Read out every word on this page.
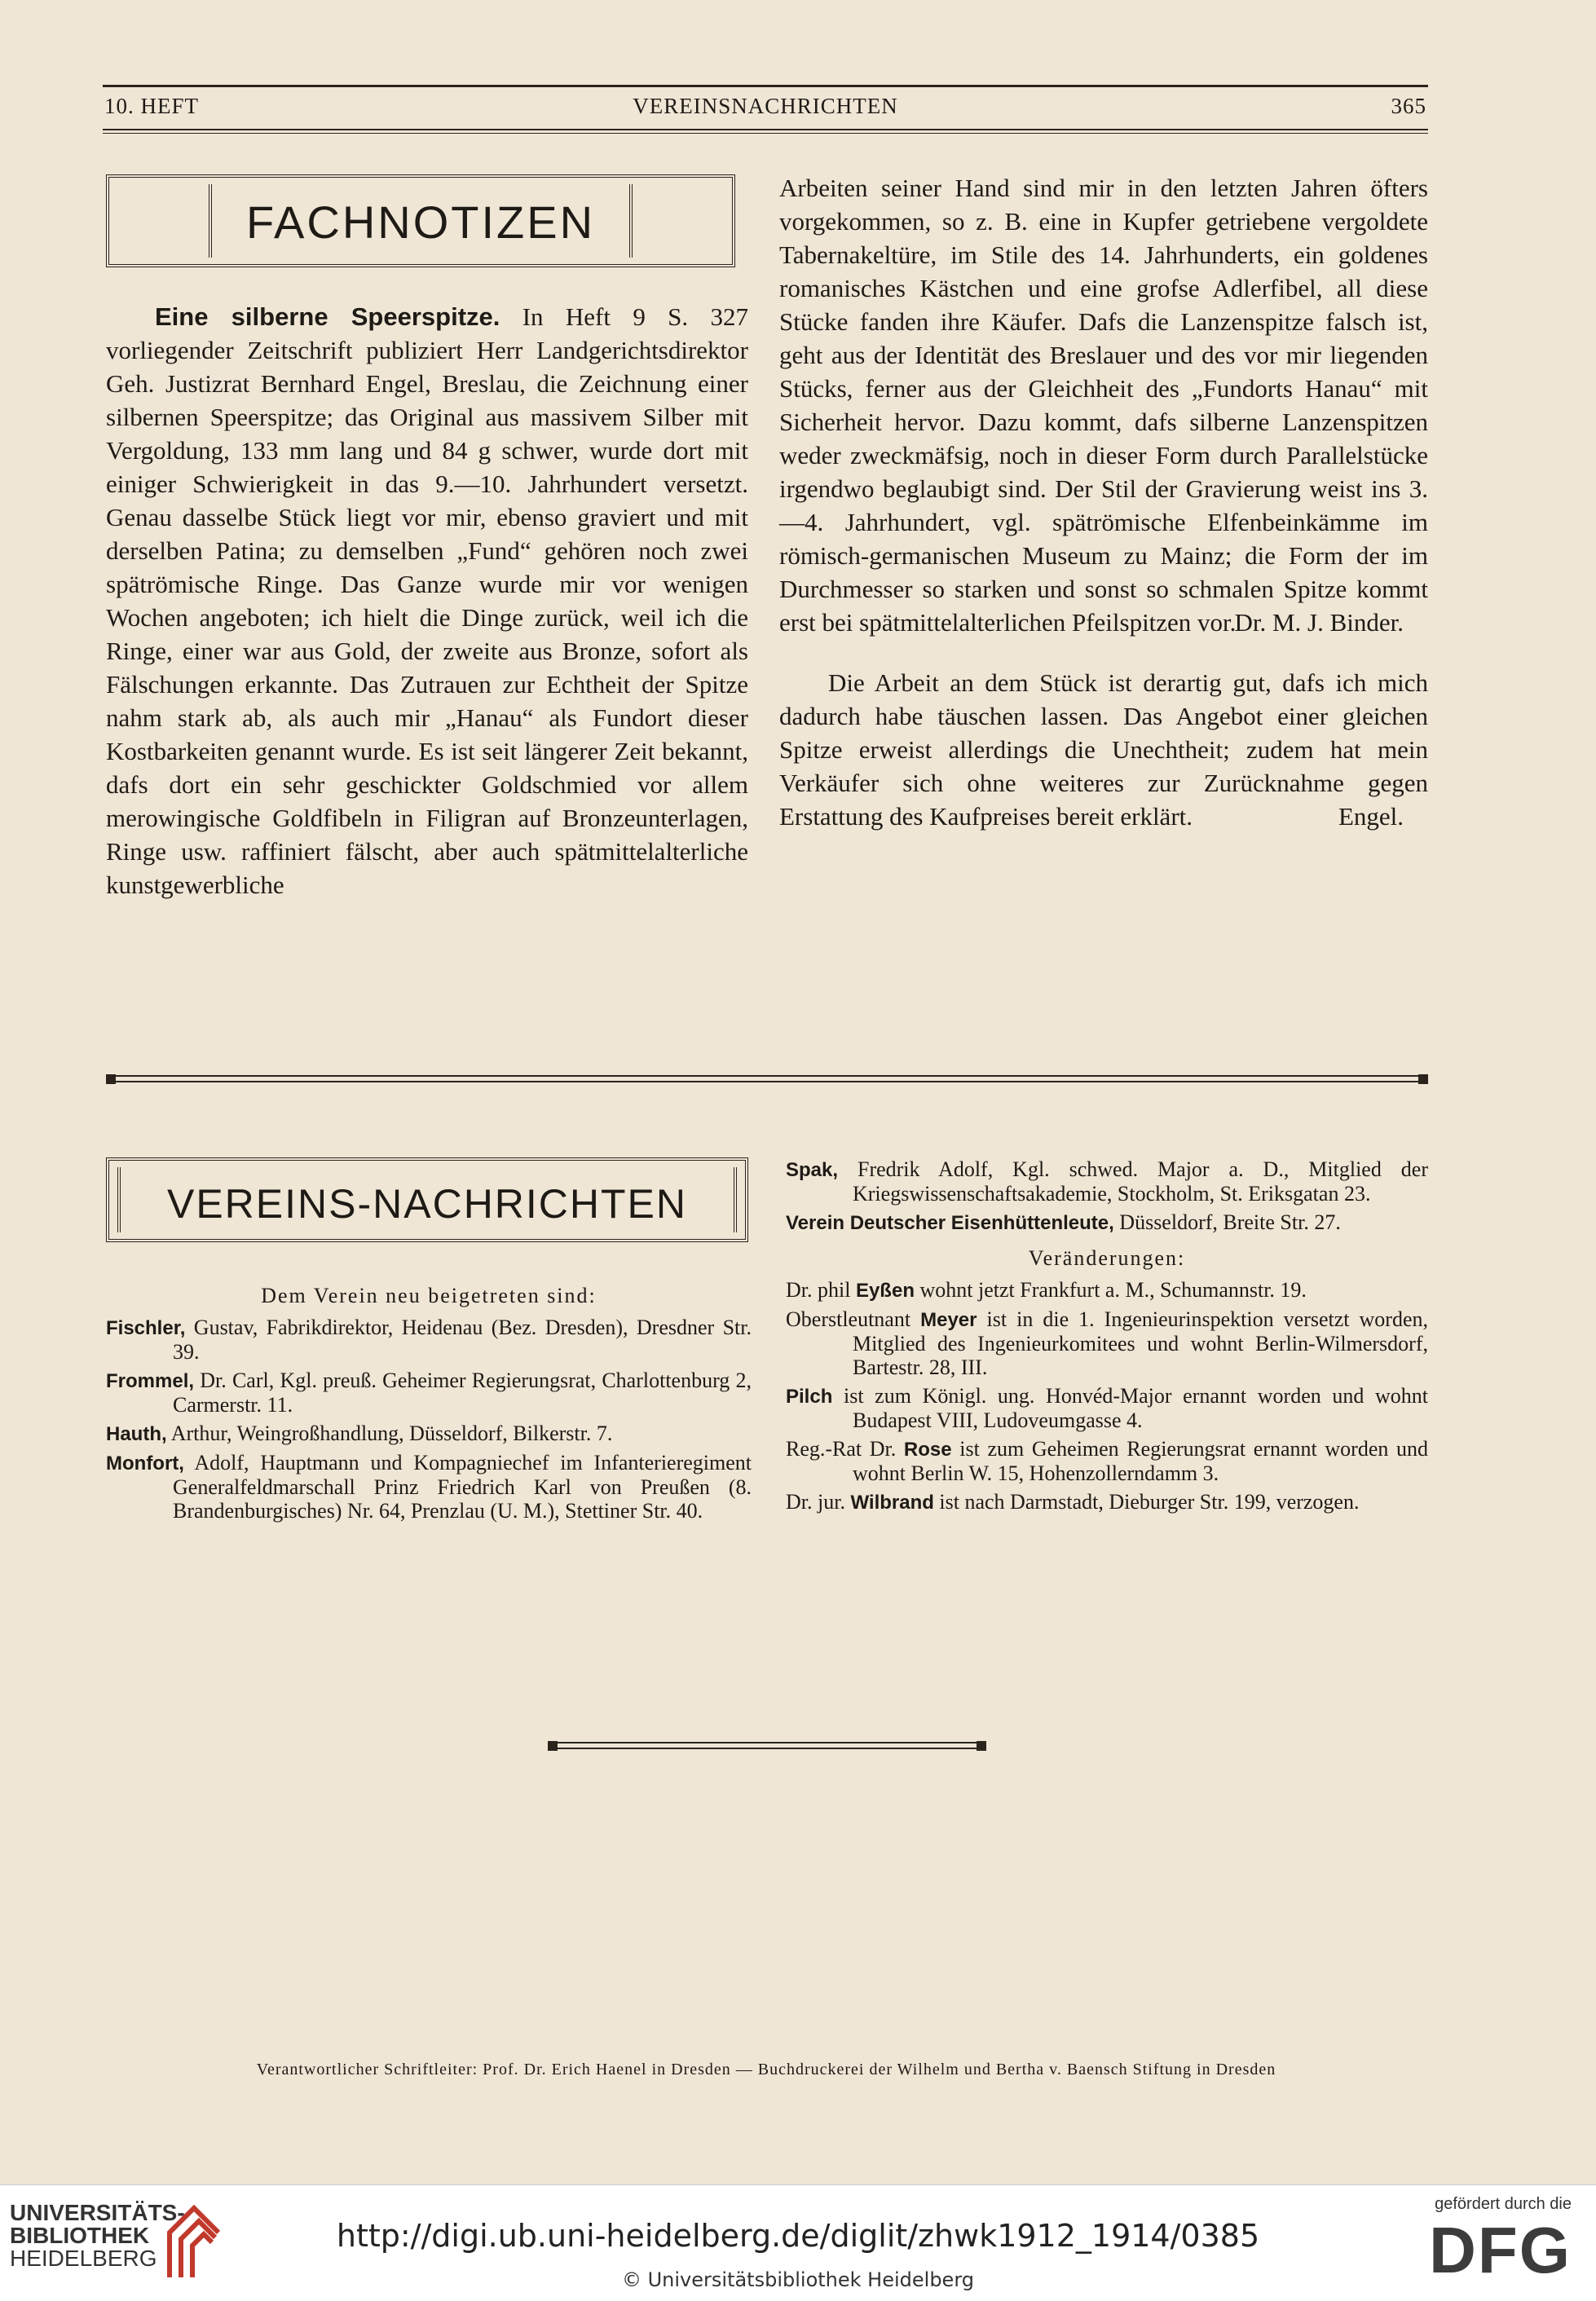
10. HEFT	VEREINSNACHRICHTEN	365
FACHNOTIZEN

Eine silberne Speerspitze. In Heft 9 S. 327 vorliegender Zeitschrift publiziert Herr Landgerichtsdirektor Geh. Justizrat Bernhard Engel, Breslau, die Zeichnung einer silbernen Speerspitze; das Original aus massivem Silber mit Vergoldung, 133 mm lang und 84 g schwer, wurde dort mit einiger Schwierigkeit in das 9.—10. Jahrhundert versetzt. Genau dasselbe Stück liegt vor mir, ebenso graviert und mit derselben Patina; zu demselben „Fund“ gehören noch zwei spätrömische Ringe. Das Ganze wurde mir vor wenigen Wochen angeboten; ich hielt die Dinge zurück, weil ich die Ringe, einer war aus Gold, der zweite aus Bronze, sofort als Fälschungen erkannte. Das Zutrauen zur Echtheit der Spitze nahm stark ab, als auch mir „Hanau“ als Fundort dieser Kostbarkeiten genannt wurde. Es ist seit längerer Zeit bekannt, dafs dort ein sehr geschickter Goldschmied vor allem merowingische Goldfibeln in Filigran auf Bronzeunterlagen, Ringe usw. raffiniert fälscht, aber auch spätmittelalterliche kunstgewerbliche

Arbeiten seiner Hand sind mir in den letzten Jahren öfters vorgekommen, so z. B. eine in Kupfer getriebene vergoldete Tabernakeltüre, im Stile des 14. Jahrhunderts, ein goldenes romanisches Kästchen und eine grofse Adlerfibel, all diese Stücke fanden ihre Käufer. Dafs die Lanzenspitze falsch ist, geht aus der Identität des Breslauer und des vor mir liegenden Stücks, ferner aus der Gleichheit des „Fundorts Hanau“ mit Sicherheit hervor. Dazu kommt, dafs silberne Lanzenspitzen weder zweckmäfsig, noch in dieser Form durch Parallelstücke irgendwo beglaubigt sind. Der Stil der Gravierung weist ins 3.—4. Jahrhundert, vgl. spätrömische Elfenbeinkämme im römisch-germanischen Museum zu Mainz; die Form der im Durchmesser so starken und sonst so schmalen Spitze kommt erst bei spätmittelalterlichen Pfeilspitzen vor.

Dr. M. J. Binder.

Die Arbeit an dem Stück ist derartig gut, dafs ich mich dadurch habe täuschen lassen. Das Angebot einer gleichen Spitze erweist allerdings die Unechtheit; zudem hat mein Verkäufer sich ohne weiteres zur Zurücknahme gegen Erstattung des Kaufpreises bereit erklärt.	Engel.

VEREINS-NACHRICHTEN

Dem Verein neu beigetreten sind:

Fischler, Gustav, Fabrikdirektor, Heidenau (Bez. Dresden), Dresdner Str. 39.

Frommel, Dr. Carl, Kgl. preuß. Geheimer Regierungsrat, Charlottenburg 2, Carmerstr. 11.

Hauth, Arthur, Weingroßhandlung, Düsseldorf, Bilkerstr. 7.

Monfort, Adolf, Hauptmann und Kompagniechef im Infanterieregiment Generalfeldmarschall Prinz Friedrich Karl von Preußen (8. Brandenburgisches) Nr. 64, Prenzlau (U. M.), Stettiner Str. 40.

Spak, Fredrik Adolf, Kgl. schwed. Major a. D., Mitglied der Kriegswissenschaftsakademie, Stockholm, St. Eriksgatan 23.

Verein Deutscher Eisenhüttenleute, Düsseldorf, Breite Str. 27.

Veränderungen:

Dr. phil Eyßen wohnt jetzt Frankfurt a. M., Schumannstr. 19.

Oberstleutnant Meyer ist in die 1. Ingenieurinspektion versetzt worden, Mitglied des Ingenieurkomitees und wohnt Berlin-Wilmersdorf, Bartestr. 28, III.

Pilch ist zum Königl. ung. Honvéd-Major ernannt worden und wohnt Budapest VIII, Ludoveumgasse 4.

Reg.-Rat Dr. Rose ist zum Geheimen Regierungsrat ernannt worden und wohnt Berlin W. 15, Hohenzollerndamm 3.

Dr. jur. Wilbrand ist nach Darmstadt, Dieburger Str. 199, verzogen.

Verantwortlicher Schriftleiter: Prof. Dr. Erich Haenel in Dresden — Buchdruckerei der Wilhelm und Bertha v. Baensch Stiftung in Dresden
UNIVERSITÄTS-
BIBLIOTHEK
HEIDELBERG
http://digi.ub.uni-heidelberg.de/diglit/zhwk1912_1914/0385
© Universitätsbibliothek Heidelberg
gefördert durch die
DFG
